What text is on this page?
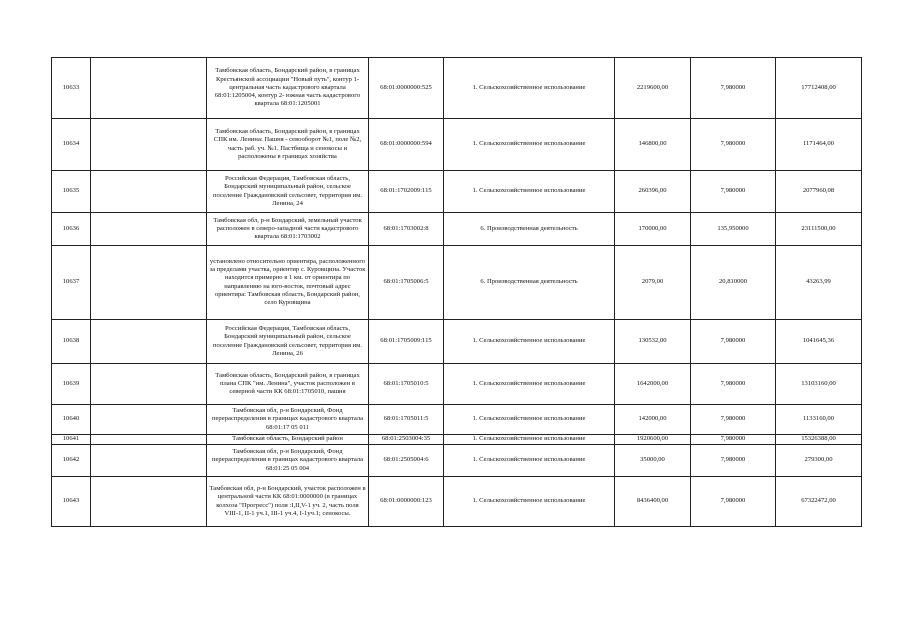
10633		Тамбовская область, Бондарский район, в границах Крестьянской ассоциации "Новый путь", контур 1-центральная часть кадастрового квартала 68:01:1205004, контур 2- южная часть кадастрового квартала 68:01:1205001	68:01:0000000:525	1. Сельскохозяйственное использование	2219600,00	7,980000	17712408,00
10634		Тамбовская область, Бондарский район, в границах СПК им. Ленина: Пашня - севооборот №1, поле №2, часть раб. уч. №1. Пастбища и сенокосы и расположены в границах хозяйства	68:01:0000000:594	1. Сельскохозяйственное использование	146800,00	7,980000	1171464,00
10635		Российская Федерация, Тамбовская область, Бондарский муниципальный район, сельское поселение Граждановский сельсовет, территория им. Ленина, 24	68:01:1702009:115	1. Сельскохозяйственное использование	260396,00	7,980000	2077960,08
10636		Тамбовская обл, р-н Бондарский, земельный участок расположен в северо-западной части кадастрового квартала 68:01:1703002	68:01:1703002:8	6. Производственная деятельность	170000,00	135,950000	23111500,00
10637		установлено относительно ориентира, расположенного за пределами участка, ориентир с. Куровщина. Участок находится примерно в 1 км. от ориентира по направлению на юго-восток, почтовый адрес ориентира: Тамбовская область, Бондарский район, село Куровщина	68:01:1705006:5	6. Производственная деятельность	2079,00	20,810000	43263,99
10638		Российская Федерация, Тамбовская область, Бондарский муниципальный район, сельское поселение Граждановский сельсовет, территория им. Ленина, 26	68:01:1705009:115	1. Сельскохозяйственное использование	130532,00	7,980000	1041645,36
10639		Тамбовская область, Бондарский район, в границах плана СПК "им. Ленина", участок расположен в северной части КК 68:01:1705010, пашня	68:01:1705010:5	1. Сельскохозяйственное использование	1642000,00	7,980000	13103160,00
10640		Тамбовская обл, р-н Бондарский, Фонд перераспределения в границах кадастрового квартала 68:01:17 05 011	68:01:1705011:5	1. Сельскохозяйственное использование	142000,00	7,980000	1133160,00
10641		Тамбовская область, Бондарский район	68:01:2503004:35	1. Сельскохозяйственное использование	1920600,00	7,980000	15326388,00
10642		Тамбовская обл, р-н Бондарский, Фонд перераспределения в границах кадастрового квартала 68:01:25 05 004	68:01:2505004:6	1. Сельскохозяйственное использование	35000,00	7,980000	279300,00
10643		Тамбовская обл, р-н Бондарский, участок расположен в центральной части КК 68:01:0000000 (в границах колхоза "Прогресс") поля :I,II,V-1 уч. 2, часть поля VIII-1, II-1 уч.1, III-1 уч.4, I-1уч.1; сенокосы.	68:01:0000000:123	1. Сельскохозяйственное использование	8436400,00	7,980000	67322472,00
